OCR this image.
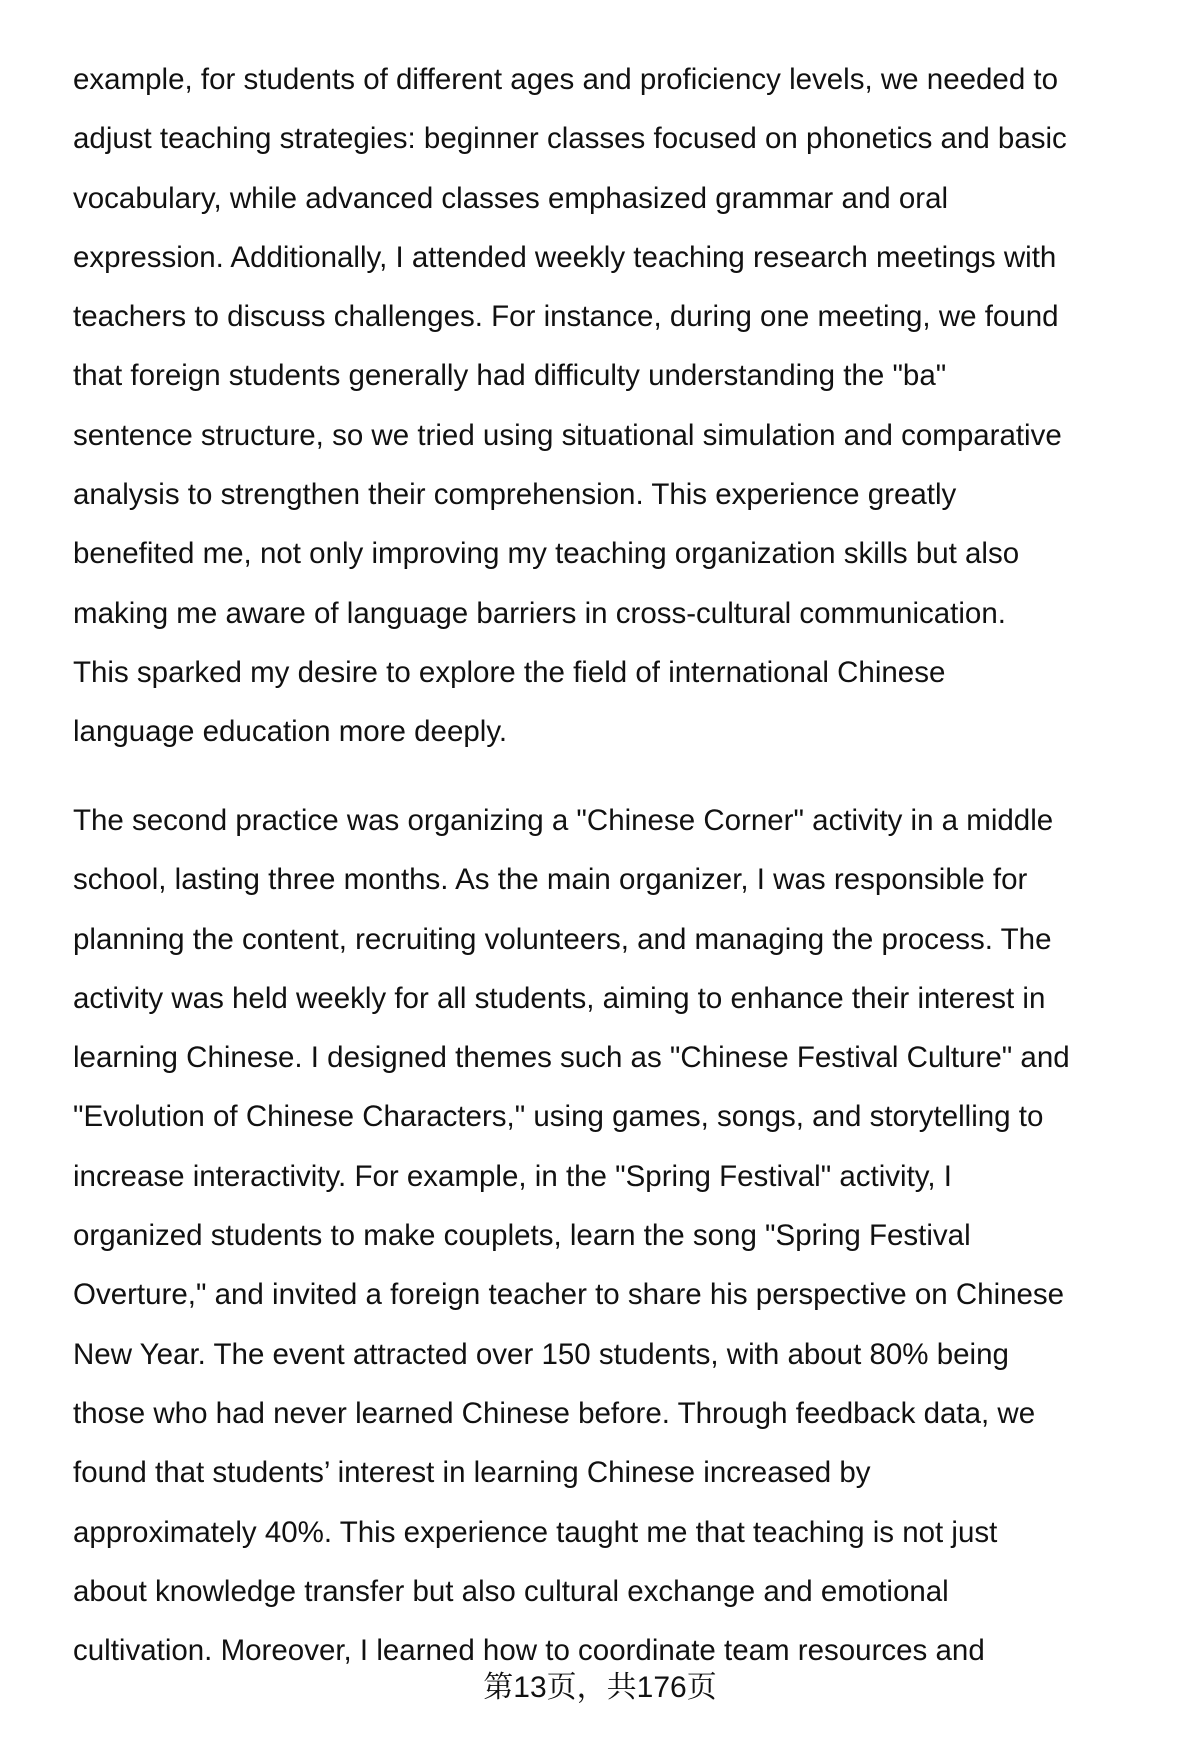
example, for students of different ages and proficiency levels, we needed to
adjust teaching strategies: beginner classes focused on phonetics and basic
vocabulary, while advanced classes emphasized grammar and oral
expression. Additionally, I attended weekly teaching research meetings with
teachers to discuss challenges. For instance, during one meeting, we found
that foreign students generally had difficulty understanding the "ba"
sentence structure, so we tried using situational simulation and comparative
analysis to strengthen their comprehension. This experience greatly
benefited me, not only improving my teaching organization skills but also
making me aware of language barriers in cross-cultural communication.
This sparked my desire to explore the field of international Chinese
language education more deeply.
The second practice was organizing a "Chinese Corner" activity in a middle
school, lasting three months. As the main organizer, I was responsible for
planning the content, recruiting volunteers, and managing the process. The
activity was held weekly for all students, aiming to enhance their interest in
learning Chinese. I designed themes such as "Chinese Festival Culture" and
"Evolution of Chinese Characters," using games, songs, and storytelling to
increase interactivity. For example, in the "Spring Festival" activity, I
organized students to make couplets, learn the song "Spring Festival
Overture," and invited a foreign teacher to share his perspective on Chinese
New Year. The event attracted over 150 students, with about 80% being
those who had never learned Chinese before. Through feedback data, we
found that students’ interest in learning Chinese increased by
approximately 40%. This experience taught me that teaching is not just
about knowledge transfer but also cultural exchange and emotional
cultivation. Moreover, I learned how to coordinate team resources and
第13页，共176页
